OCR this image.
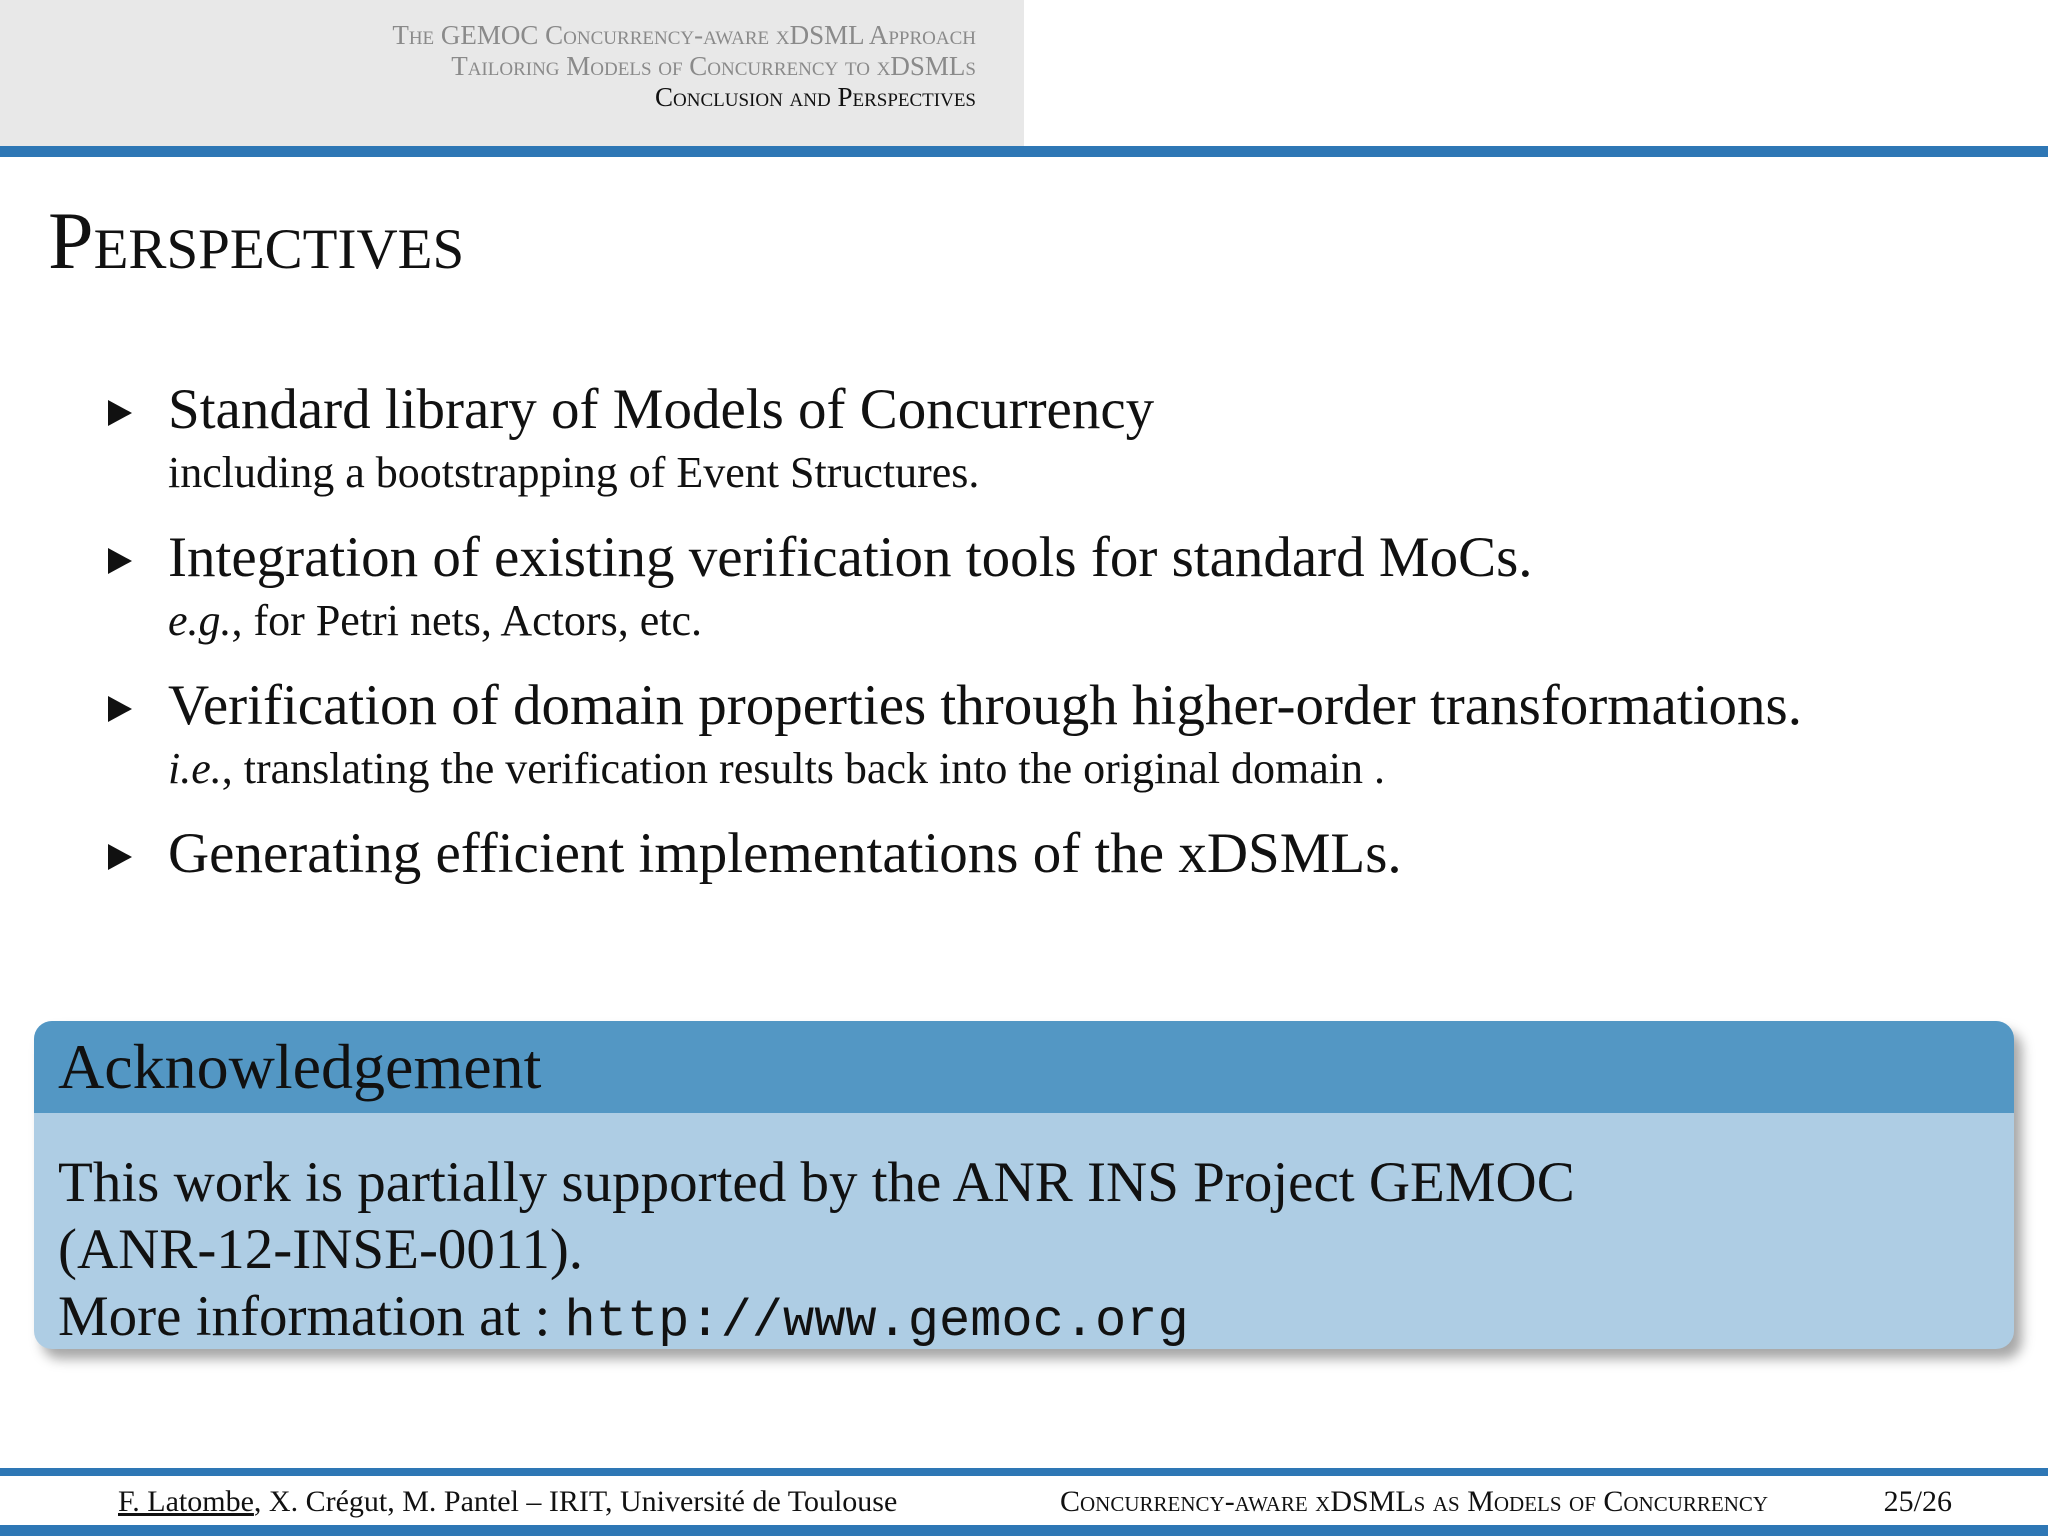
The GEMOC Concurrency-aware xDSML Approach
Tailoring Models of Concurrency to xDSMLs
Conclusion and Perspectives
Perspectives
Standard library of Models of Concurrency
including a bootstrapping of Event Structures.
Integration of existing verification tools for standard MoCs.
e.g., for Petri nets, Actors, etc.
Verification of domain properties through higher-order transformations.
i.e., translating the verification results back into the original domain .
Generating efficient implementations of the xDSMLs.
Acknowledgement
This work is partially supported by the ANR INS Project GEMOC
(ANR-12-INSE-0011).
More information at : http://www.gemoc.org
F. Latombe, X. Crégut, M. Pantel – IRIT, Université de Toulouse	Concurrency-aware xDSMLs as Models of Concurrency	25/26
